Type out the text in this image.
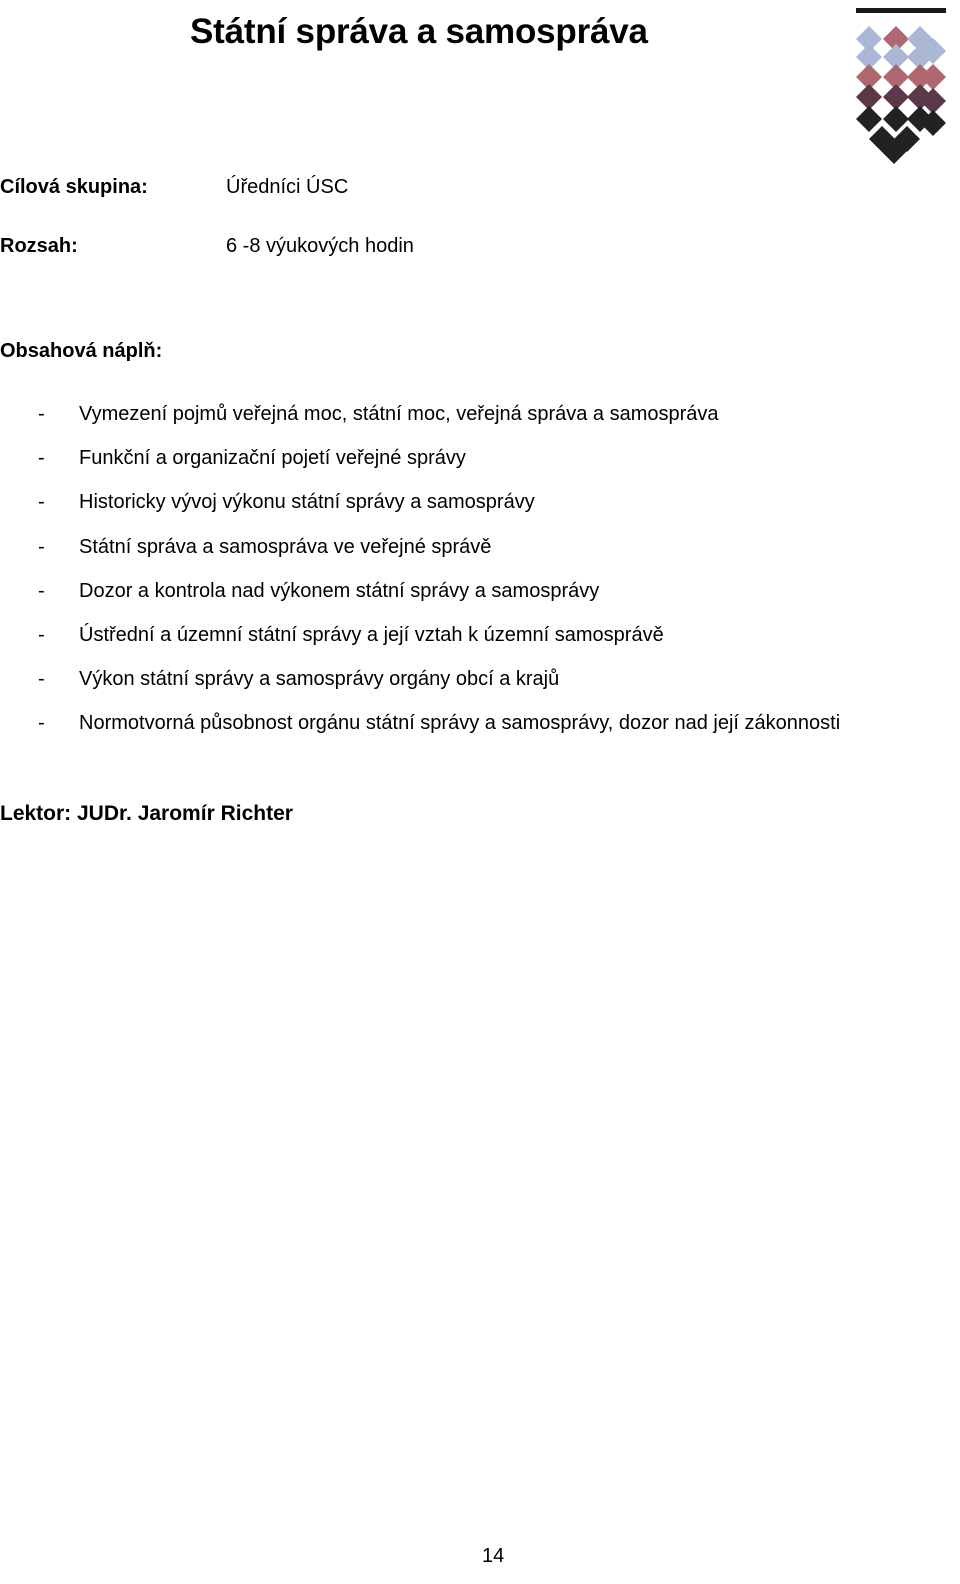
Státní správa a samospráva
Cílová skupina:	Úředníci ÚSC
Rozsah:	6 -8 výukových hodin
Obsahová náplň:
- Vymezení pojmů veřejná moc, státní moc, veřejná správa a samospráva
- Funkční a organizační pojetí veřejné správy
- Historicky vývoj výkonu státní správy a samosprávy
- Státní správa a samospráva ve veřejné správě
- Dozor a kontrola nad výkonem státní správy a samosprávy
- Ústřední a územní státní správy a její vztah k územní samosprávě
- Výkon státní správy a samosprávy orgány obcí a krajů
- Normotvorná působnost orgánu státní správy a samosprávy, dozor nad její zákonnosti
Lektor: JUDr. Jaromír Richter
14
